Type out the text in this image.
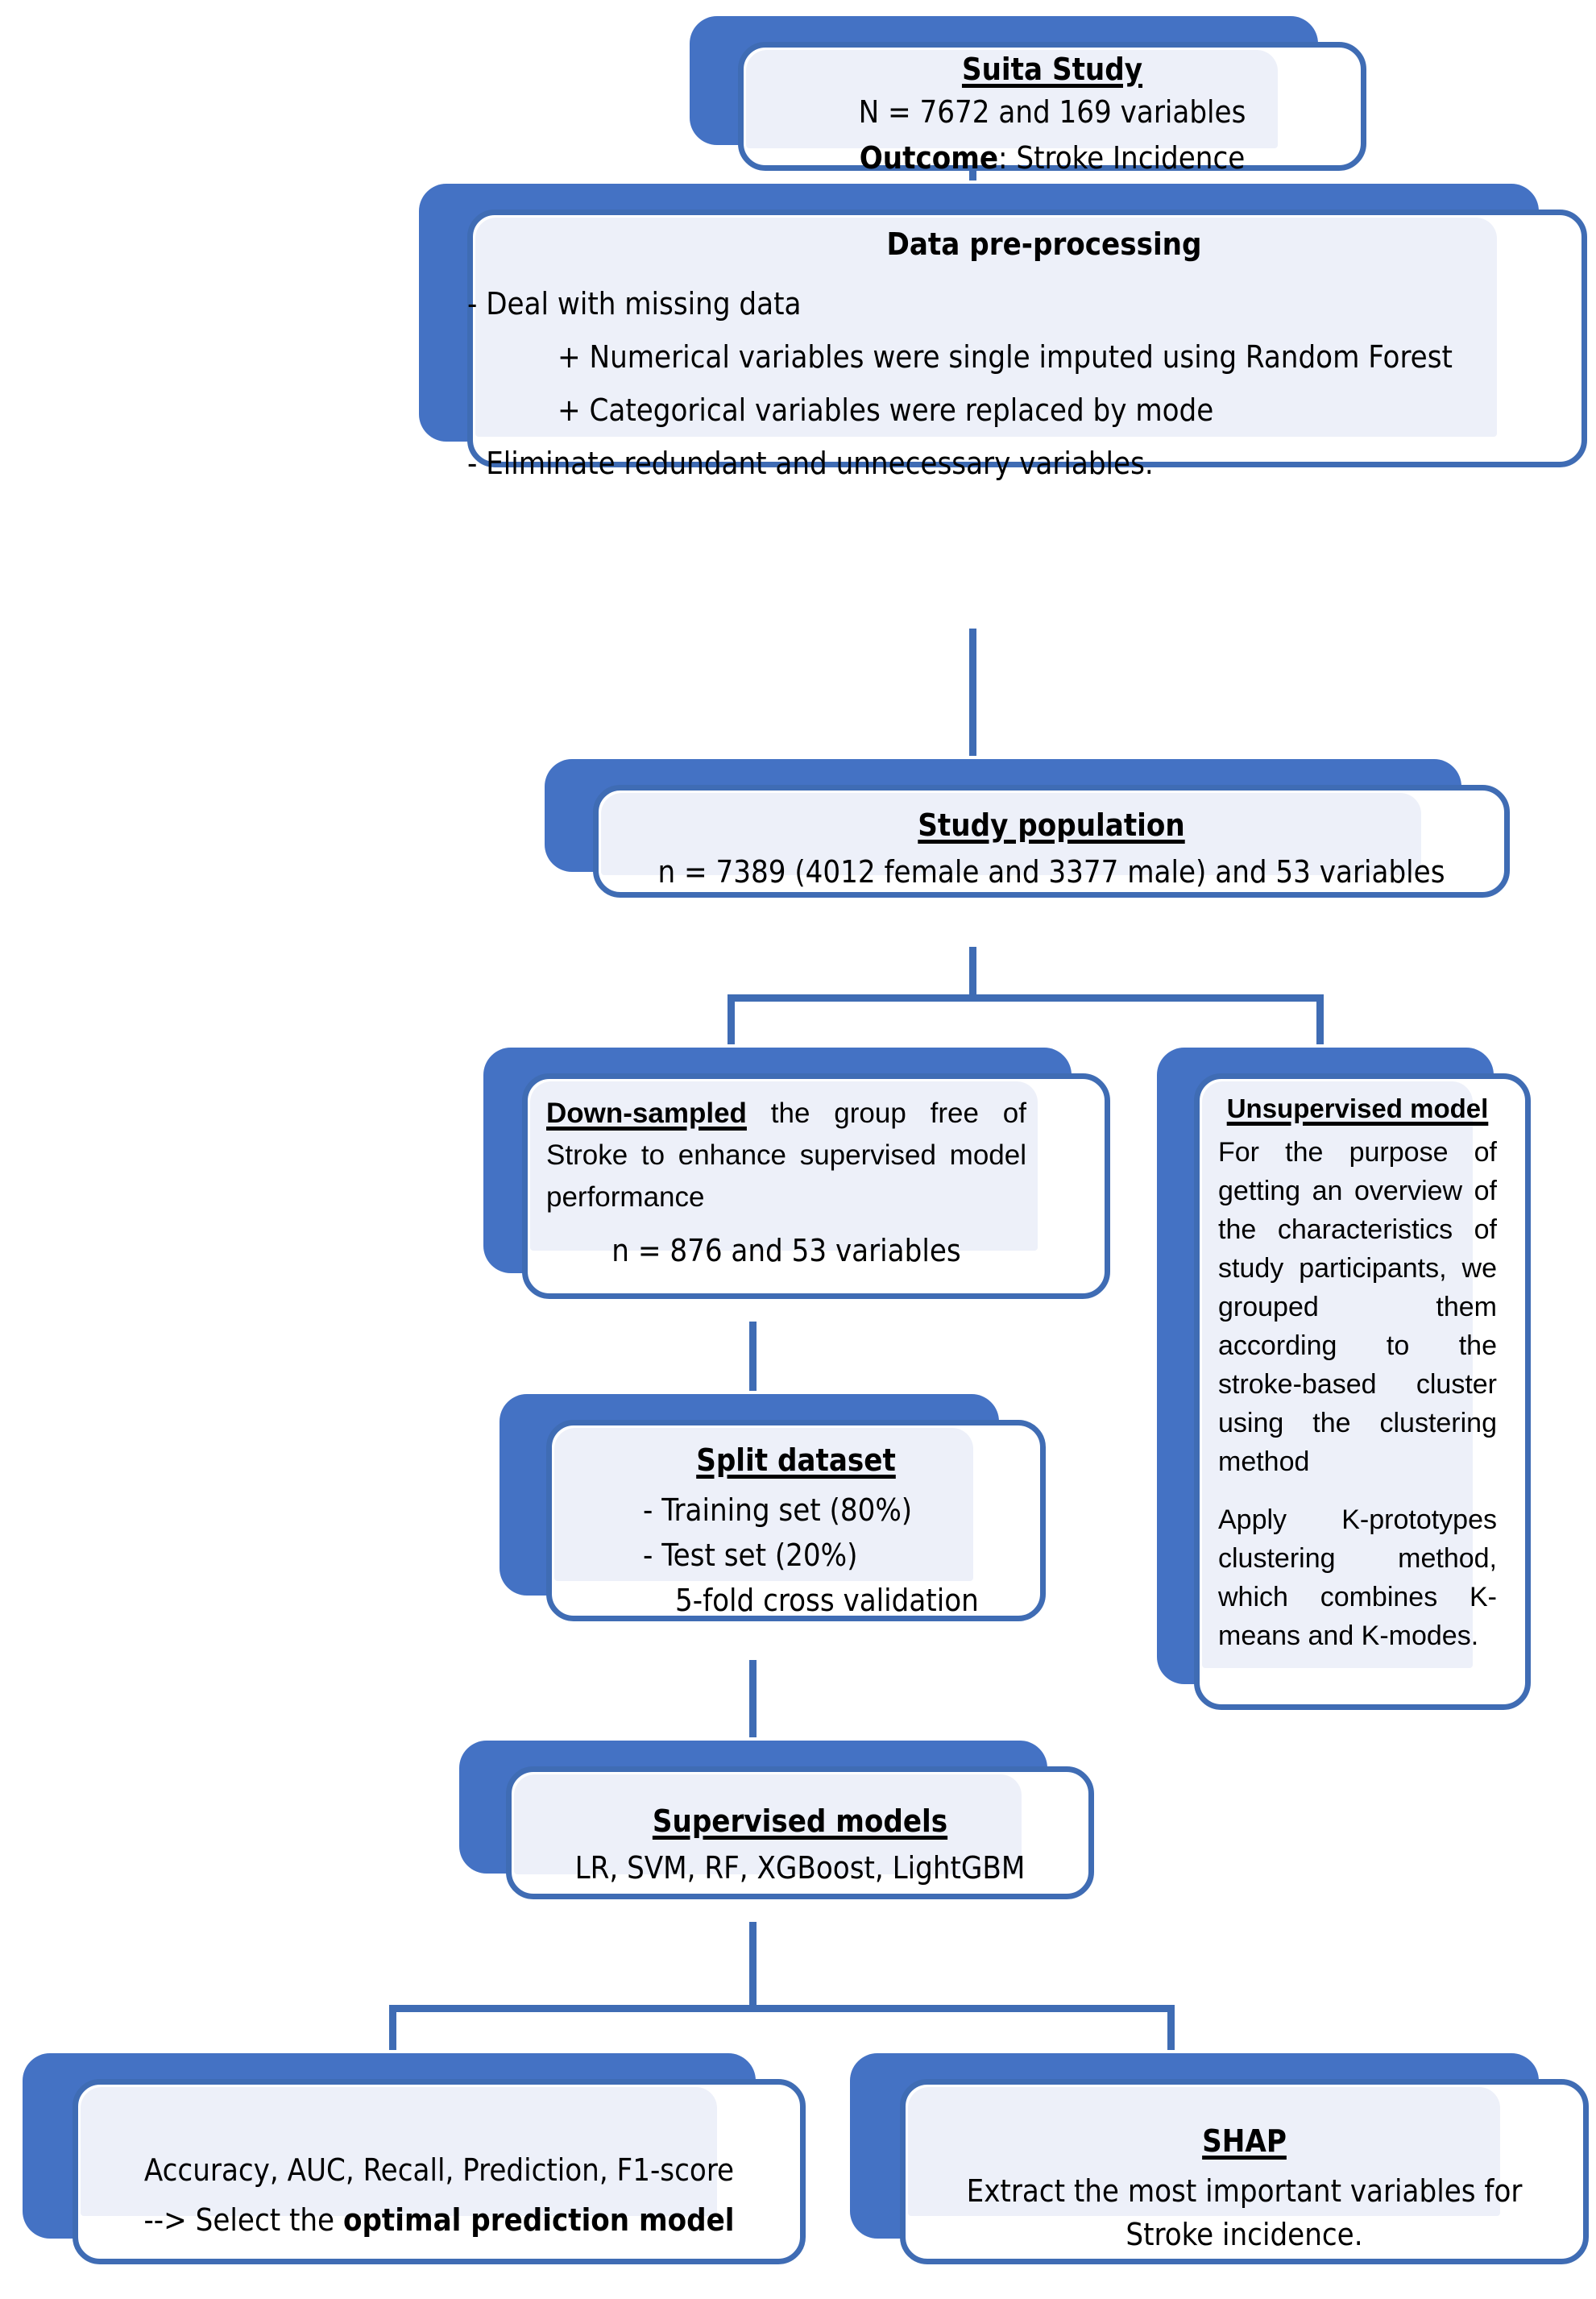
Suita Study
N = 7672 and 169 variables
Outcome: Stroke Incidence
Data pre-processing
- Deal with missing data
+ Numerical variables were single imputed using Random Forest
+ Categorical variables were replaced by mode
- Eliminate redundant and unnecessary variables.
Study population
n = 7389 (4012 female and 3377 male) and 53 variables
Down-sampled the group free of Stroke to enhance supervised model performance
n = 876 and 53 variables
Unsupervised model
For the purpose of getting an overview of the characteristics of study participants, we grouped them according to the stroke-based cluster using the clustering method
Apply K-prototypes clustering method, which combines K-means and K-modes.
Split dataset
- Training set (80%)
- Test set (20%)
5-fold cross validation
Supervised models
LR, SVM, RF, XGBoost, LightGBM
Accuracy, AUC, Recall, Prediction, F1-score
--> Select the optimal prediction model
SHAP
Extract the most important variables for
Stroke incidence.
